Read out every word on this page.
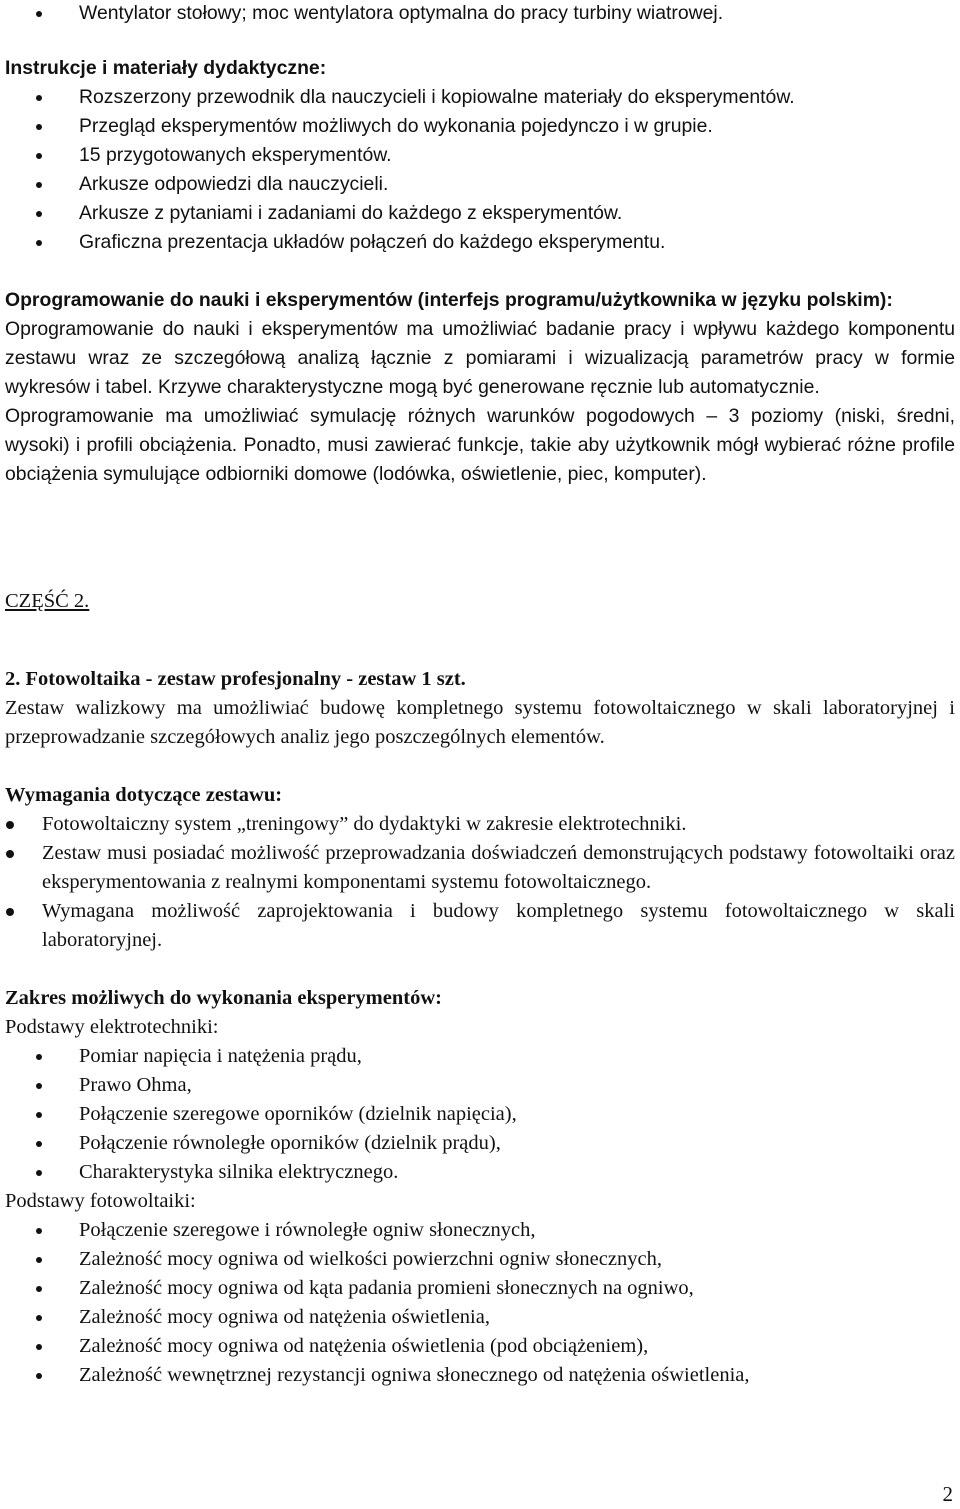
Wentylator stołowy; moc wentylatora optymalna do pracy turbiny wiatrowej.

Instrukcje i materiały dydaktyczne:

Rozszerzony przewodnik dla nauczycieli i kopiowalne materiały do eksperymentów.
Przegląd eksperymentów możliwych do wykonania pojedynczo i w grupie.
15 przygotowanych eksperymentów.
Arkusze odpowiedzi dla nauczycieli.
Arkusze z pytaniami i zadaniami do każdego z eksperymentów.
Graficzna prezentacja układów połączeń do każdego eksperymentu.

Oprogramowanie do nauki i eksperymentów (interfejs programu/użytkownika w języku polskim):

Oprogramowanie do nauki i eksperymentów ma umożliwiać badanie pracy i wpływu każdego komponentu zestawu wraz ze szczegółową analizą łącznie z pomiarami i wizualizacją parametrów pracy w formie wykresów i tabel. Krzywe charakterystyczne mogą być generowane ręcznie lub automatycznie.

Oprogramowanie ma umożliwiać symulację różnych warunków pogodowych – 3 poziomy (niski, średni, wysoki) i profili obciążenia. Ponadto, musi zawierać funkcje, takie aby użytkownik mógł wybierać różne profile obciążenia symulujące odbiorniki domowe (lodówka, oświetlenie, piec, komputer).

CZĘŚĆ 2.

2. Fotowoltaika - zestaw profesjonalny - zestaw 1 szt.

Zestaw walizkowy ma umożliwiać budowę kompletnego systemu fotowoltaicznego w skali laboratoryjnej i przeprowadzanie szczegółowych analiz jego poszczególnych elementów.

Wymagania dotyczące zestawu:

Fotowoltaiczny system „treningowy” do dydaktyki w zakresie elektrotechniki.
Zestaw musi posiadać możliwość przeprowadzania doświadczeń demonstrujących podstawy fotowoltaiki oraz eksperymentowania z realnymi komponentami systemu fotowoltaicznego.
Wymagana możliwość zaprojektowania i budowy kompletnego systemu fotowoltaicznego w skali laboratoryjnej.

Zakres możliwych do wykonania eksperymentów:

Podstawy elektrotechniki:

Pomiar napięcia i natężenia prądu,
Prawo Ohma,
Połączenie szeregowe oporników (dzielnik napięcia),
Połączenie równoległe oporników (dzielnik prądu),
Charakterystyka silnika elektrycznego.

Podstawy fotowoltaiki:

Połączenie szeregowe i równoległe ogniw słonecznych,
Zależność mocy ogniwa od wielkości powierzchni ogniw słonecznych,
Zależność mocy ogniwa od kąta padania promieni słonecznych na ogniwo,
Zależność mocy ogniwa od natężenia oświetlenia,
Zależność mocy ogniwa od natężenia oświetlenia (pod obciążeniem),
Zależność wewnętrznej rezystancji ogniwa słonecznego od natężenia oświetlenia,
2
